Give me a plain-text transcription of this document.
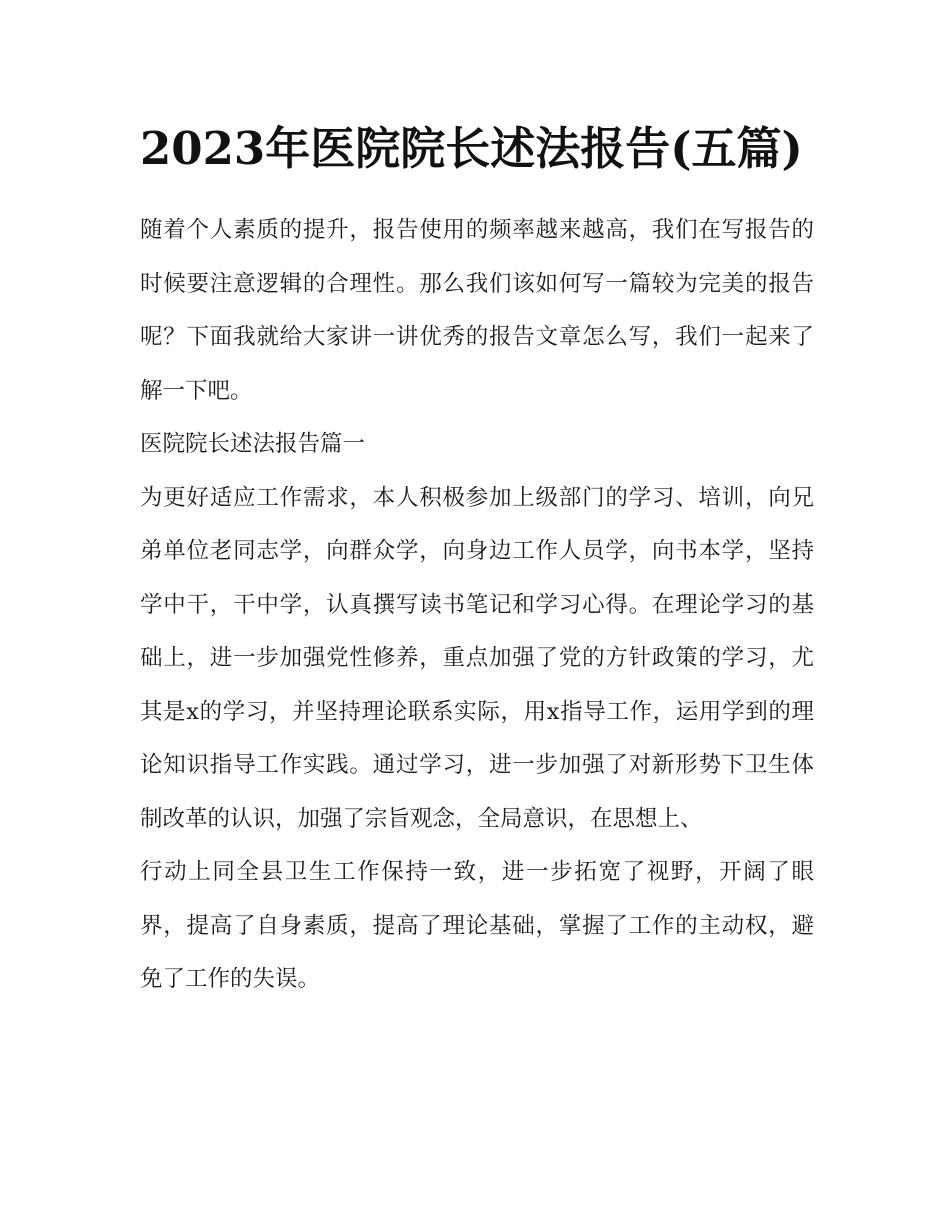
2023年医院院长述法报告(五篇)

随着个人素质的提升，报告使用的频率越来越高，我们在写报告的时候要注意逻辑的合理性。那么我们该如何写一篇较为完美的报告呢？下面我就给大家讲一讲优秀的报告文章怎么写，我们一起来了解一下吧。

医院院长述法报告篇一

为更好适应工作需求，本人积极参加上级部门的学习、培训，向兄弟单位老同志学，向群众学，向身边工作人员学，向书本学，坚持学中干，干中学，认真撰写读书笔记和学习心得。在理论学习的基础上，进一步加强党性修养，重点加强了党的方针政策的学习，尤其是x的学习，并坚持理论联系实际，用x指导工作，运用学到的理论知识指导工作实践。通过学习，进一步加强了对新形势下卫生体制改革的认识，加强了宗旨观念，全局意识，在思想上、

行动上同全县卫生工作保持一致，进一步拓宽了视野，开阔了眼界，提高了自身素质，提高了理论基础，掌握了工作的主动权，避免了工作的失误。
